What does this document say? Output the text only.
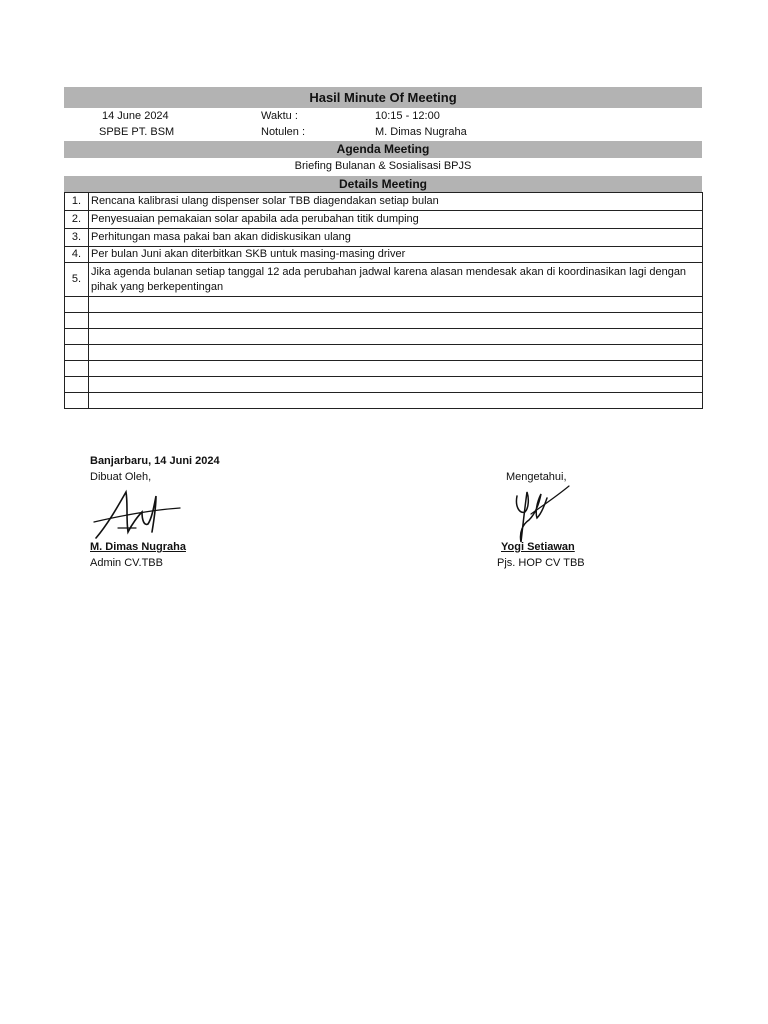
Hasil Minute Of Meeting
14 June 2024	Waktu :	10:15 - 12:00
SPBE PT. BSM	Notulen :	M. Dimas Nugraha
Agenda Meeting
Briefing Bulanan & Sosialisasi BPJS
Details Meeting
1.	Rencana kalibrasi ulang dispenser solar TBB diagendakan setiap bulan
2.	Penyesuaian pemakaian solar apabila ada perubahan titik dumping
3.	Perhitungan masa pakai ban akan didiskusikan ulang
4.	Per bulan Juni akan diterbitkan SKB untuk masing-masing driver
5.	Jika agenda bulanan setiap tanggal 12 ada perubahan jadwal karena alasan mendesak akan di koordinasikan lagi dengan pihak yang berkepentingan

Banjarbaru, 14 Juni 2024
Dibuat Oleh,	Mengetahui,
M. Dimas Nugraha
Admin CV.TBB
Yogi Setiawan
Pjs. HOP CV TBB
